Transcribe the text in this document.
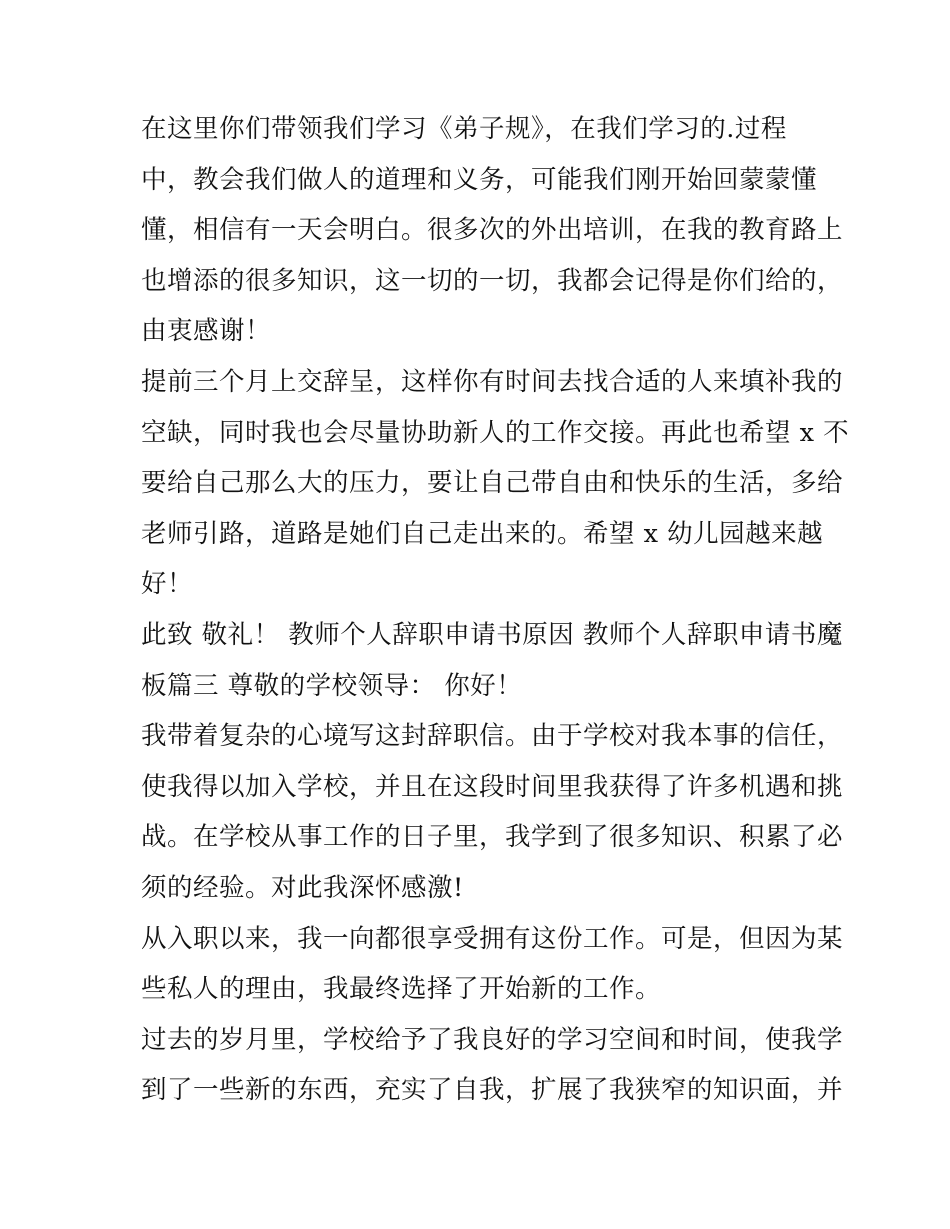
在这里你们带领我们学习《弟子规》，在我们学习的.过程
中，教会我们做人的道理和义务，可能我们刚开始回蒙蒙懂
懂，相信有一天会明白。很多次的外出培训，在我的教育路上
也增添的很多知识，这一切的一切，我都会记得是你们给的，
由衷感谢！
提前三个月上交辞呈，这样你有时间去找合适的人来填补我的
空缺，同时我也会尽量协助新人的工作交接。再此也希望 x 不
要给自己那么大的压力，要让自己带自由和快乐的生活，多给
老师引路，道路是她们自己走出来的。希望 x 幼儿园越来越
好！
此致 敬礼！ 教师个人辞职申请书原因 教师个人辞职申请书魔
板篇三 尊敬的学校领导： 你好！
我带着复杂的心境写这封辞职信。由于学校对我本事的信任，
使我得以加入学校，并且在这段时间里我获得了许多机遇和挑
战。在学校从事工作的日子里，我学到了很多知识、积累了必
须的经验。对此我深怀感激!
从入职以来，我一向都很享受拥有这份工作。可是，但因为某
些私人的理由，我最终选择了开始新的工作。
过去的岁月里，学校给予了我良好的学习空间和时间，使我学
到了一些新的东西，充实了自我，扩展了我狭窄的知识面，并
